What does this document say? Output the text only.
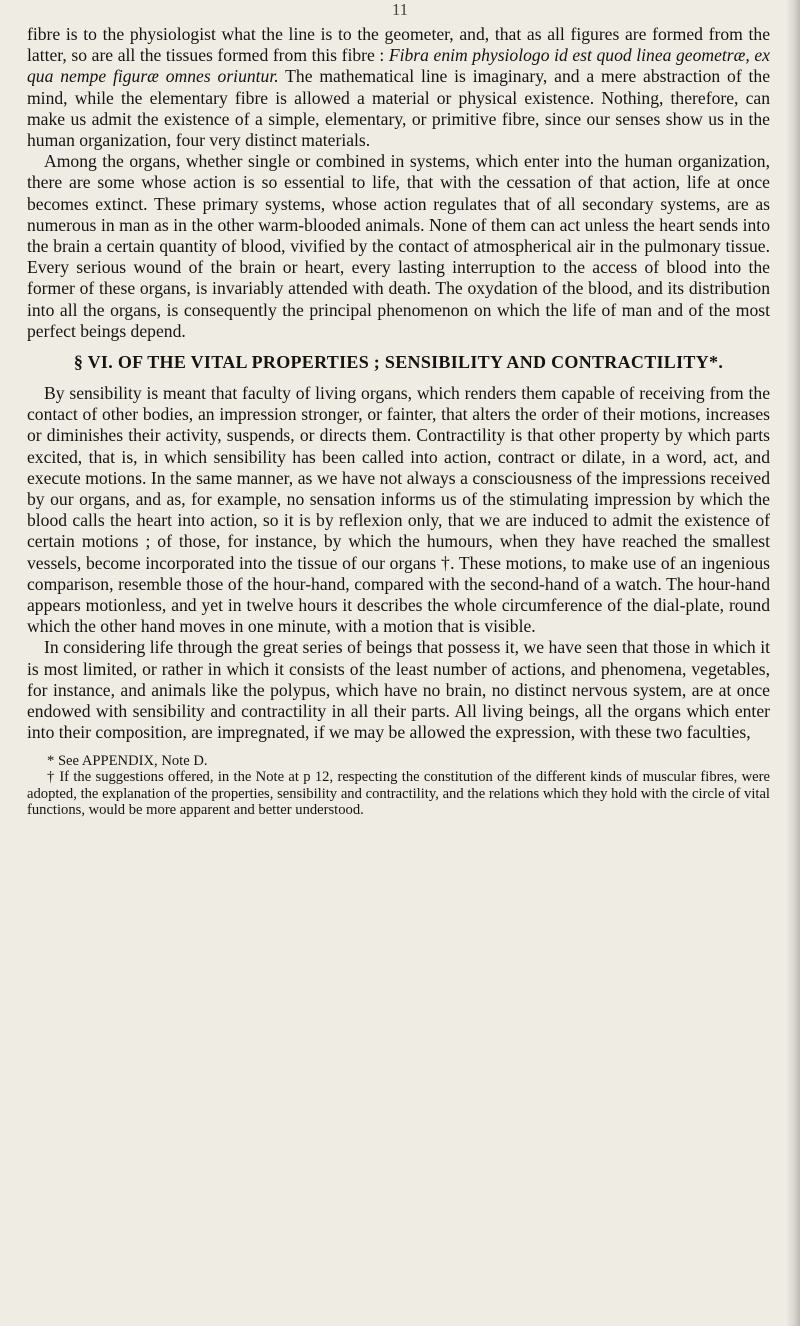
11

fibre is to the physiologist what the line is to the geometer, and, that as all figures are formed from the latter, so are all the tissues formed from this fibre : Fibra enim physiologo id est quod linea geometræ, ex qua nempe figuræ omnes oriuntur. The mathematical line is imaginary, and a mere abstraction of the mind, while the elementary fibre is allowed a material or physical existence. Nothing, therefore, can make us admit the existence of a simple, elementary, or primitive fibre, since our senses show us in the human organization, four very distinct materials.

Among the organs, whether single or combined in systems, which enter into the human organization, there are some whose action is so essential to life, that with the cessation of that action, life at once becomes extinct. These primary systems, whose action regulates that of all secondary systems, are as numerous in man as in the other warm-blooded animals. None of them can act unless the heart sends into the brain a certain quantity of blood, vivified by the contact of atmospherical air in the pulmonary tissue. Every serious wound of the brain or heart, every lasting interruption to the access of blood into the former of these organs, is invariably attended with death. The oxydation of the blood, and its distribution into all the organs, is consequently the principal phenomenon on which the life of man and of the most perfect beings depend.

§ VI. OF THE VITAL PROPERTIES ; SENSIBILITY AND CONTRACTILITY*.

By sensibility is meant that faculty of living organs, which renders them capable of receiving from the contact of other bodies, an impression stronger, or fainter, that alters the order of their motions, increases or diminishes their activity, suspends, or directs them. Contractility is that other property by which parts excited, that is, in which sensibility has been called into action, contract or dilate, in a word, act, and execute motions. In the same manner, as we have not always a consciousness of the impressions received by our organs, and as, for example, no sensation informs us of the stimulating impression by which the blood calls the heart into action, so it is by reflexion only, that we are induced to admit the existence of certain motions ; of those, for instance, by which the humours, when they have reached the smallest vessels, become incorporated into the tissue of our organs †. These motions, to make use of an ingenious comparison, resemble those of the hour-hand, compared with the second-hand of a watch. The hour-hand appears motionless, and yet in twelve hours it describes the whole circumference of the dial-plate, round which the other hand moves in one minute, with a motion that is visible.

In considering life through the great series of beings that possess it, we have seen that those in which it is most limited, or rather in which it consists of the least number of actions, and phenomena, vegetables, for instance, and animals like the polypus, which have no brain, no distinct nervous system, are at once endowed with sensibility and contractility in all their parts. All living beings, all the organs which enter into their composition, are impregnated, if we may be allowed the expression, with these two faculties,

* See APPENDIX, Note D.
† If the suggestions offered, in the Note at p 12, respecting the constitution of the different kinds of muscular fibres, were adopted, the explanation of the properties, sensibility and contractility, and the relations which they hold with the circle of vital functions, would be more apparent and better understood.
